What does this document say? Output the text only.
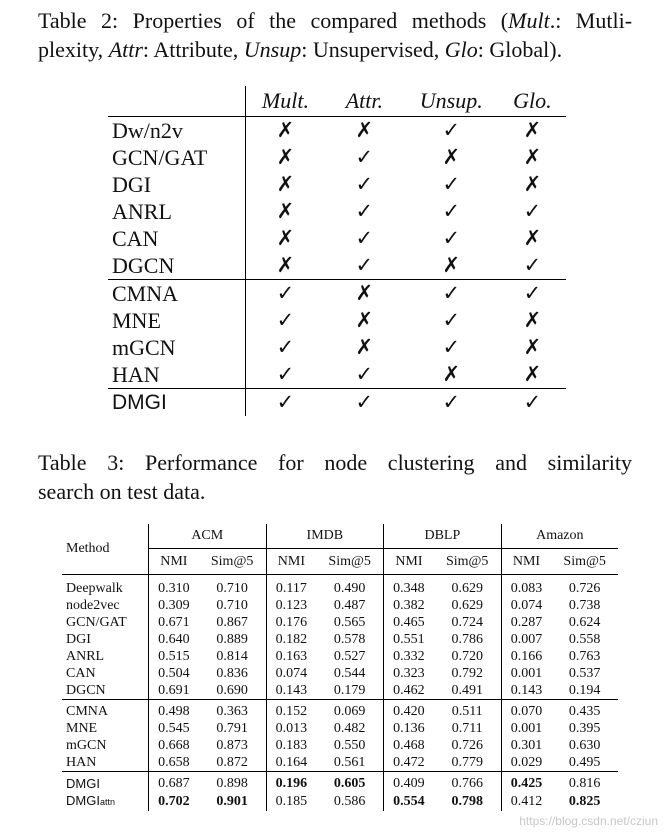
Table 2: Properties of the compared methods (Mult.: Mutli-
plexity, Attr: Attribute, Unsup: Unsupervised, Glo: Global).

	Mult.	Attr.	Unsup.	Glo.
Dw/n2v	✗	✗	✓	✗
GCN/GAT	✗	✓	✗	✗
DGI	✗	✓	✓	✗
ANRL	✗	✓	✓	✓
CAN	✗	✓	✓	✗
DGCN	✗	✓	✗	✓
CMNA	✓	✗	✓	✓
MNE	✓	✗	✓	✗
mGCN	✓	✗	✓	✗
HAN	✓	✓	✗	✗
DMGI	✓	✓	✓	✓

Table 3: Performance for node clustering and similarity
search on test data.

Method	ACM		IMDB		DBLP		Amazon	
	NMI	Sim@5	NMI	Sim@5	NMI	Sim@5	NMI	Sim@5
Deepwalk	0.310	0.710	0.117	0.490	0.348	0.629	0.083	0.726
node2vec	0.309	0.710	0.123	0.487	0.382	0.629	0.074	0.738
GCN/GAT	0.671	0.867	0.176	0.565	0.465	0.724	0.287	0.624
DGI	0.640	0.889	0.182	0.578	0.551	0.786	0.007	0.558
ANRL	0.515	0.814	0.163	0.527	0.332	0.720	0.166	0.763
CAN	0.504	0.836	0.074	0.544	0.323	0.792	0.001	0.537
DGCN	0.691	0.690	0.143	0.179	0.462	0.491	0.143	0.194
CMNA	0.498	0.363	0.152	0.069	0.420	0.511	0.070	0.435
MNE	0.545	0.791	0.013	0.482	0.136	0.711	0.001	0.395
mGCN	0.668	0.873	0.183	0.550	0.468	0.726	0.301	0.630
HAN	0.658	0.872	0.164	0.561	0.472	0.779	0.029	0.495
DMGI	0.687	0.898	0.196	0.605	0.409	0.766	0.425	0.816
DMGIattn	0.702	0.901	0.185	0.586	0.554	0.798	0.412	0.825
https://blog.csdn.net/cziun
